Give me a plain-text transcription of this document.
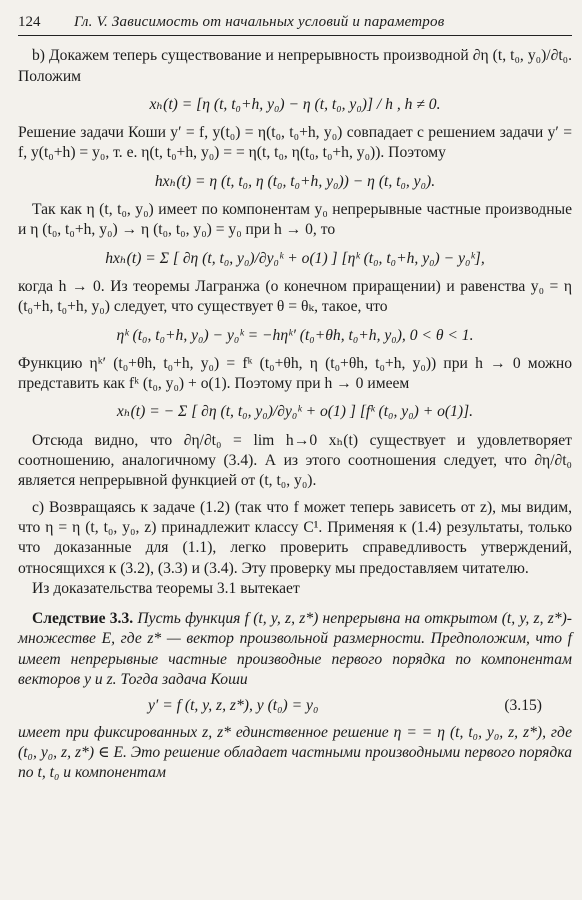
124	Гл. V. Зависимость от начальных условий и параметров

b) Докажем теперь существование и непрерывность производной ∂η (t, t₀, y₀)/∂t₀. Положим

xₕ(t) = [η (t, t₀+h, y₀) − η (t, t₀, y₀)] / h , h ≠ 0.

Решение задачи Коши y′ = f, y(t₀) = η(t₀, t₀+h, y₀) совпадает с решением задачи y′ = f, y(t₀+h) = y₀, т. е. η(t, t₀+h, y₀) = = η(t, t₀, η(t₀, t₀+h, y₀)). Поэтому

hxₕ(t) = η (t, t₀, η (t₀, t₀+h, y₀)) − η (t, t₀, y₀).

Так как η (t, t₀, y₀) имеет по компонентам y₀ непрерывные частные производные и η (t₀, t₀+h, y₀) → η (t₀, t₀, y₀) = y₀ при h → 0, то

hxₕ(t) = Σ [ ∂η (t, t₀, y₀)/∂y₀ᵏ + o(1) ] [ηᵏ (t₀, t₀+h, y₀) − y₀ᵏ],

когда h → 0. Из теоремы Лагранжа (о конечном приращении) и равенства y₀ = η (t₀+h, t₀+h, y₀) следует, что существует θ = θₖ, такое, что

ηᵏ (t₀, t₀+h, y₀) − y₀ᵏ = −hηᵏ′ (t₀+θh, t₀+h, y₀), 0 < θ < 1.

Функцию ηᵏ′ (t₀+θh, t₀+h, y₀) = fᵏ (t₀+θh, η (t₀+θh, t₀+h, y₀)) при h → 0 можно представить как fᵏ (t₀, y₀) + o(1). Поэтому при h → 0 имеем

xₕ(t) = − Σ [ ∂η (t, t₀, y₀)/∂y₀ᵏ + o(1) ] [fᵏ (t₀, y₀) + o(1)].

Отсюда видно, что ∂η/∂t₀ = lim h→0 xₕ(t) существует и удовлетворяет соотношению, аналогичному (3.4). А из этого соотношения следует, что ∂η/∂t₀ является непрерывной функцией от (t, t₀, y₀).

c) Возвращаясь к задаче (1.2) (так что f может теперь зависеть от z), мы видим, что η = η (t, t₀, y₀, z) принадлежит классу C¹. Применяя к (1.4) результаты, только что доказанные для (1.1), легко проверить справедливость утверждений, относящихся к (3.2), (3.3) и (3.4). Эту проверку мы предоставляем читателю.

Из доказательства теоремы 3.1 вытекает

Следствие 3.3. Пусть функция f (t, y, z, z*) непрерывна на открытом (t, y, z, z*)-множестве E, где z* — вектор произвольной размерности. Предположим, что f имеет непрерывные частные производные первого порядка по компонентам векторов y и z. Тогда задача Коши

y′ = f (t, y, z, z*), y (t₀) = y₀	(3.15)

имеет при фиксированных z, z* единственное решение η = = η (t, t₀, y₀, z, z*), где (t₀, y₀, z, z*) ∈ E. Это решение обладает частными производными первого порядка по t, t₀ и компонентам
